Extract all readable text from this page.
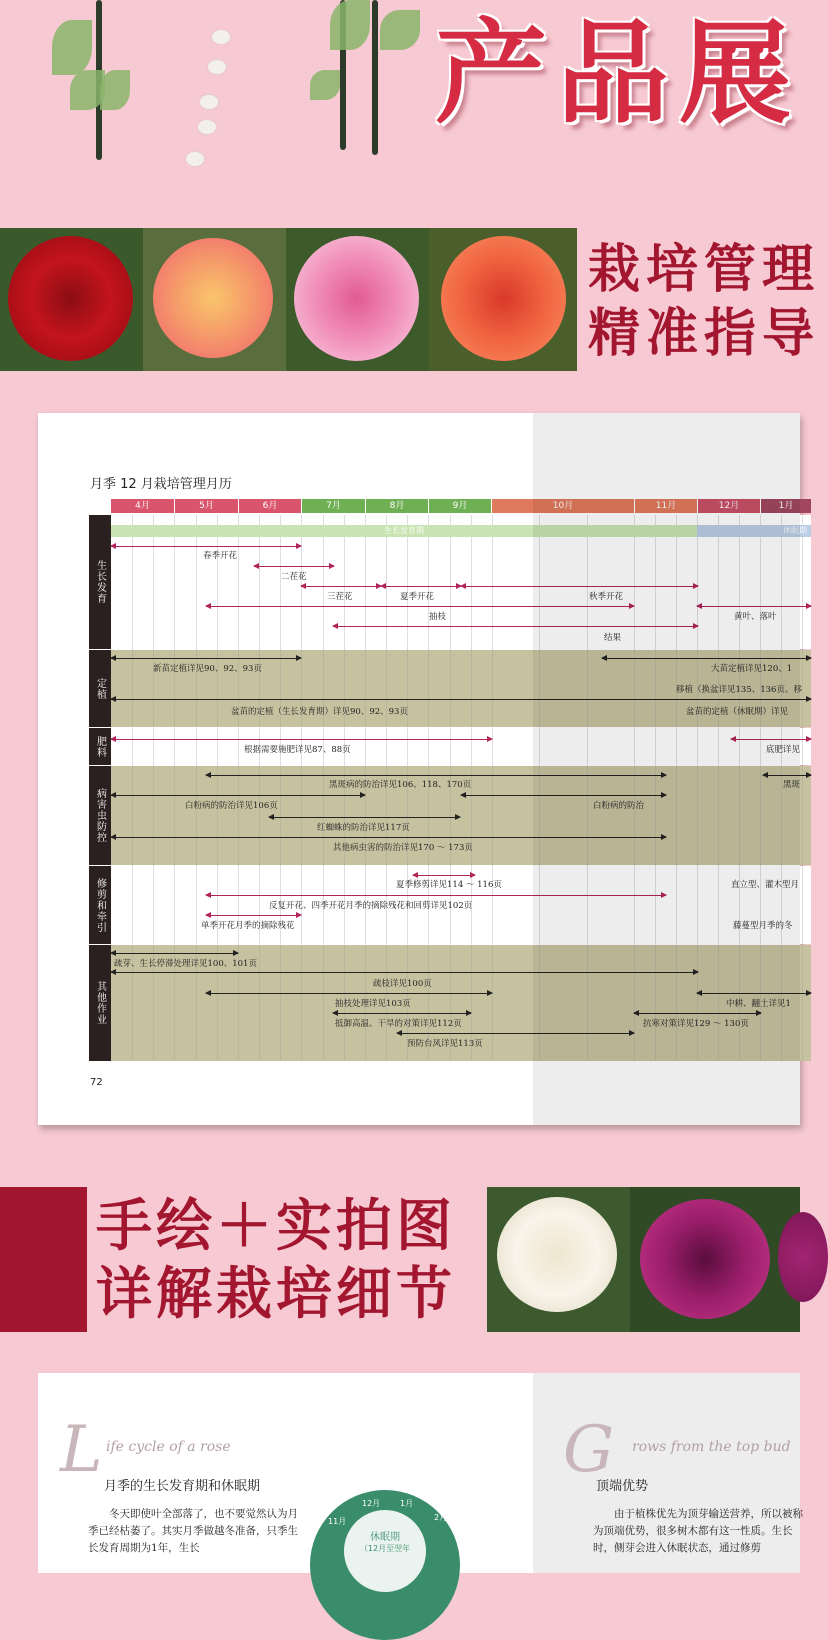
产品展
栽培管理
精准指导
月季 12 月栽培管理月历
4月	5月	6月	7月	8月	9月	10月	11月	12月	1月
生长发育
定植
肥料
病害虫防控
修剪和牵引
其他作业
生长发育期	休眠期
春季开花
二茬花
三茬花	夏季开花	秋季开花
抽枝	黄叶、落叶
结果
新苗定植详见90、92、93页	大苗定植详见120、1
移植（换盆详见135、136页、移
盆苗的定植（生长发育期）详见90、92、93页	盆苗的定植（休眠期）详见
根据需要施肥详见87、88页	底肥详见
黑斑病的防治详见106、118、170页	黑斑
白粉病的防治详见106页	白粉病的防治
红蜘蛛的防治详见117页
其他病虫害的防治详见170 ～ 173页
夏季修剪详见114 ～ 116页	直立型、灌木型月
反复开花、四季开花月季的摘除残花和回剪详见102页
单季开花月季的摘除残花	藤蔓型月季的冬
疏芽、生长停滞处理详见100、101页
疏枝详见100页
抽枝处理详见103页	中耕、翻土详见1
抵御高温、干旱的对策详见112页	抗寒对策详见129 ～ 130页
预防台风详见113页
72
手绘＋实拍图
详解栽培细节
L ife cycle of a rose
月季的生长发育期和休眠期
冬天即使叶全部落了，也不要觉然认为月季已经枯萎了。其实月季做越冬准备，只季生长发育周期为1年，生长
12月 1月
2月
11月
休眠期
（12月至翌年
G rows from the top bud
顶端优势
由于植株优先为顶芽输送营养，所以被称为顶端优势，很多树木都有这一性质。生长时，侧芽会进入休眠状态，通过修剪
